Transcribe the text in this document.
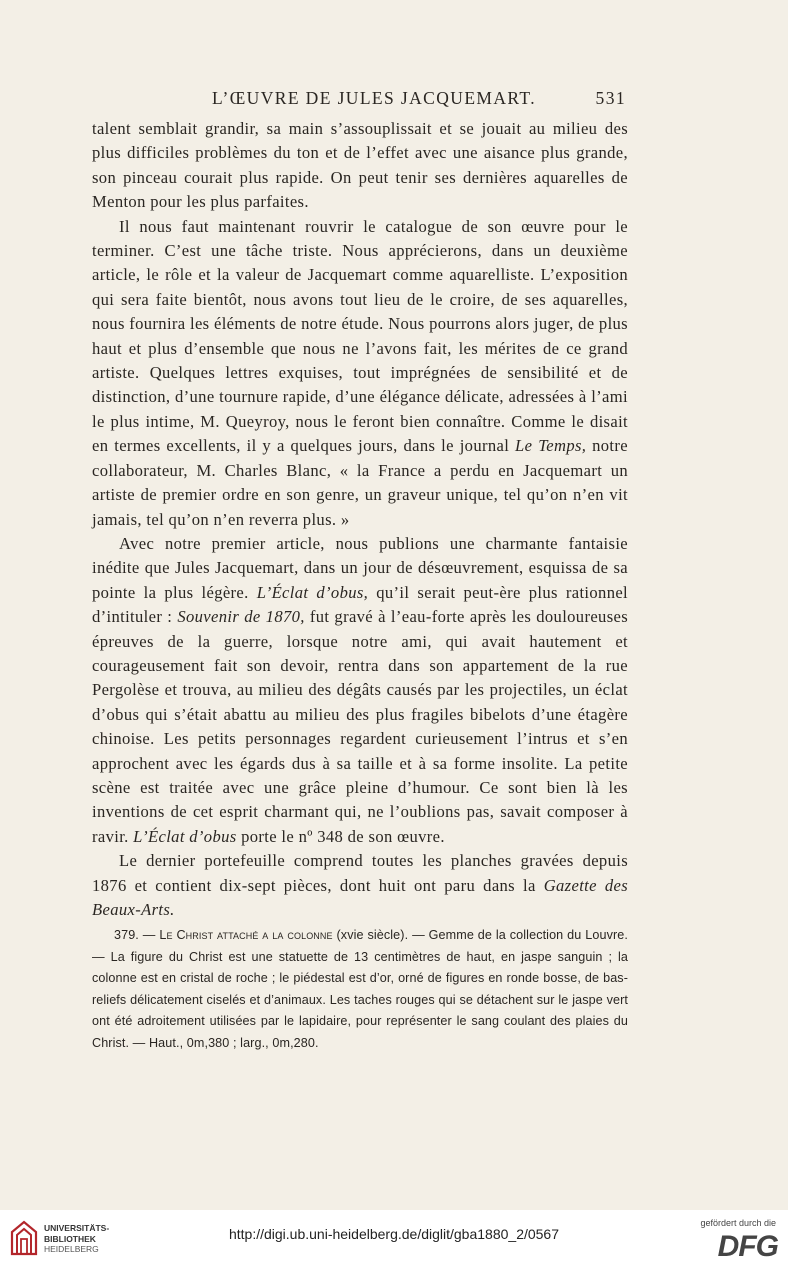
L’ŒUVRE DE JULES JACQUEMART.	531

talent semblait grandir, sa main s’assouplissait et se jouait au milieu des plus difficiles problèmes du ton et de l’effet avec une aisance plus grande, son pinceau courait plus rapide. On peut tenir ses dernières aquarelles de Menton pour les plus parfaites.

Il nous faut maintenant rouvrir le catalogue de son œuvre pour le terminer. C’est une tâche triste. Nous apprécierons, dans un deuxième article, le rôle et la valeur de Jacquemart comme aquarelliste. L’exposition qui sera faite bientôt, nous avons tout lieu de le croire, de ses aquarelles, nous fournira les éléments de notre étude. Nous pourrons alors juger, de plus haut et plus d’ensemble que nous ne l’avons fait, les mérites de ce grand artiste. Quelques lettres exquises, tout imprégnées de sensibilité et de distinction, d’une tournure rapide, d’une élégance délicate, adressées à l’ami le plus intime, M. Queyroy, nous le feront bien connaître. Comme le disait en termes excellents, il y a quelques jours, dans le journal Le Temps, notre collaborateur, M. Charles Blanc, « la France a perdu en Jacquemart un artiste de premier ordre en son genre, un graveur unique, tel qu’on n’en vit jamais, tel qu’on n’en reverra plus. »

Avec notre premier article, nous publions une charmante fantaisie inédite que Jules Jacquemart, dans un jour de désœuvrement, esquissa de sa pointe la plus légère. L’Éclat d’obus, qu’il serait peut-ère plus rationnel d’intituler : Souvenir de 1870, fut gravé à l’eau-forte après les douloureuses épreuves de la guerre, lorsque notre ami, qui avait hautement et courageusement fait son devoir, rentra dans son appartement de la rue Pergolèse et trouva, au milieu des dégâts causés par les projectiles, un éclat d’obus qui s’était abattu au milieu des plus fragiles bibelots d’une étagère chinoise. Les petits personnages regardent curieusement l’intrus et s’en approchent avec les égards dus à sa taille et à sa forme insolite. La petite scène est traitée avec une grâce pleine d’humour. Ce sont bien là les inventions de cet esprit charmant qui, ne l’oublions pas, savait composer à ravir. L’Éclat d’obus porte le nº 348 de son œuvre.

Le dernier portefeuille comprend toutes les planches gravées depuis 1876 et contient dix-sept pièces, dont huit ont paru dans la Gazette des Beaux-Arts.

379. — Le Christ attaché a la colonne (xvie siècle). — Gemme de la collection du Louvre. — La figure du Christ est une statuette de 13 centimètres de haut, en jaspe sanguin ; la colonne est en cristal de roche ; le piédestal est d’or, orné de figures en ronde bosse, de bas-reliefs délicatement ciselés et d’animaux. Les taches rouges qui se détachent sur le jaspe vert ont été adroitement utilisées par le lapidaire, pour représenter le sang coulant des plaies du Christ. — Haut., 0m,380 ; larg., 0m,280.
UNIVERSITÄTS-
BIBLIOTHEK
HEIDELBERG
http://digi.ub.uni-heidelberg.de/diglit/gba1880_2/0567
gefördert durch die
DFG
